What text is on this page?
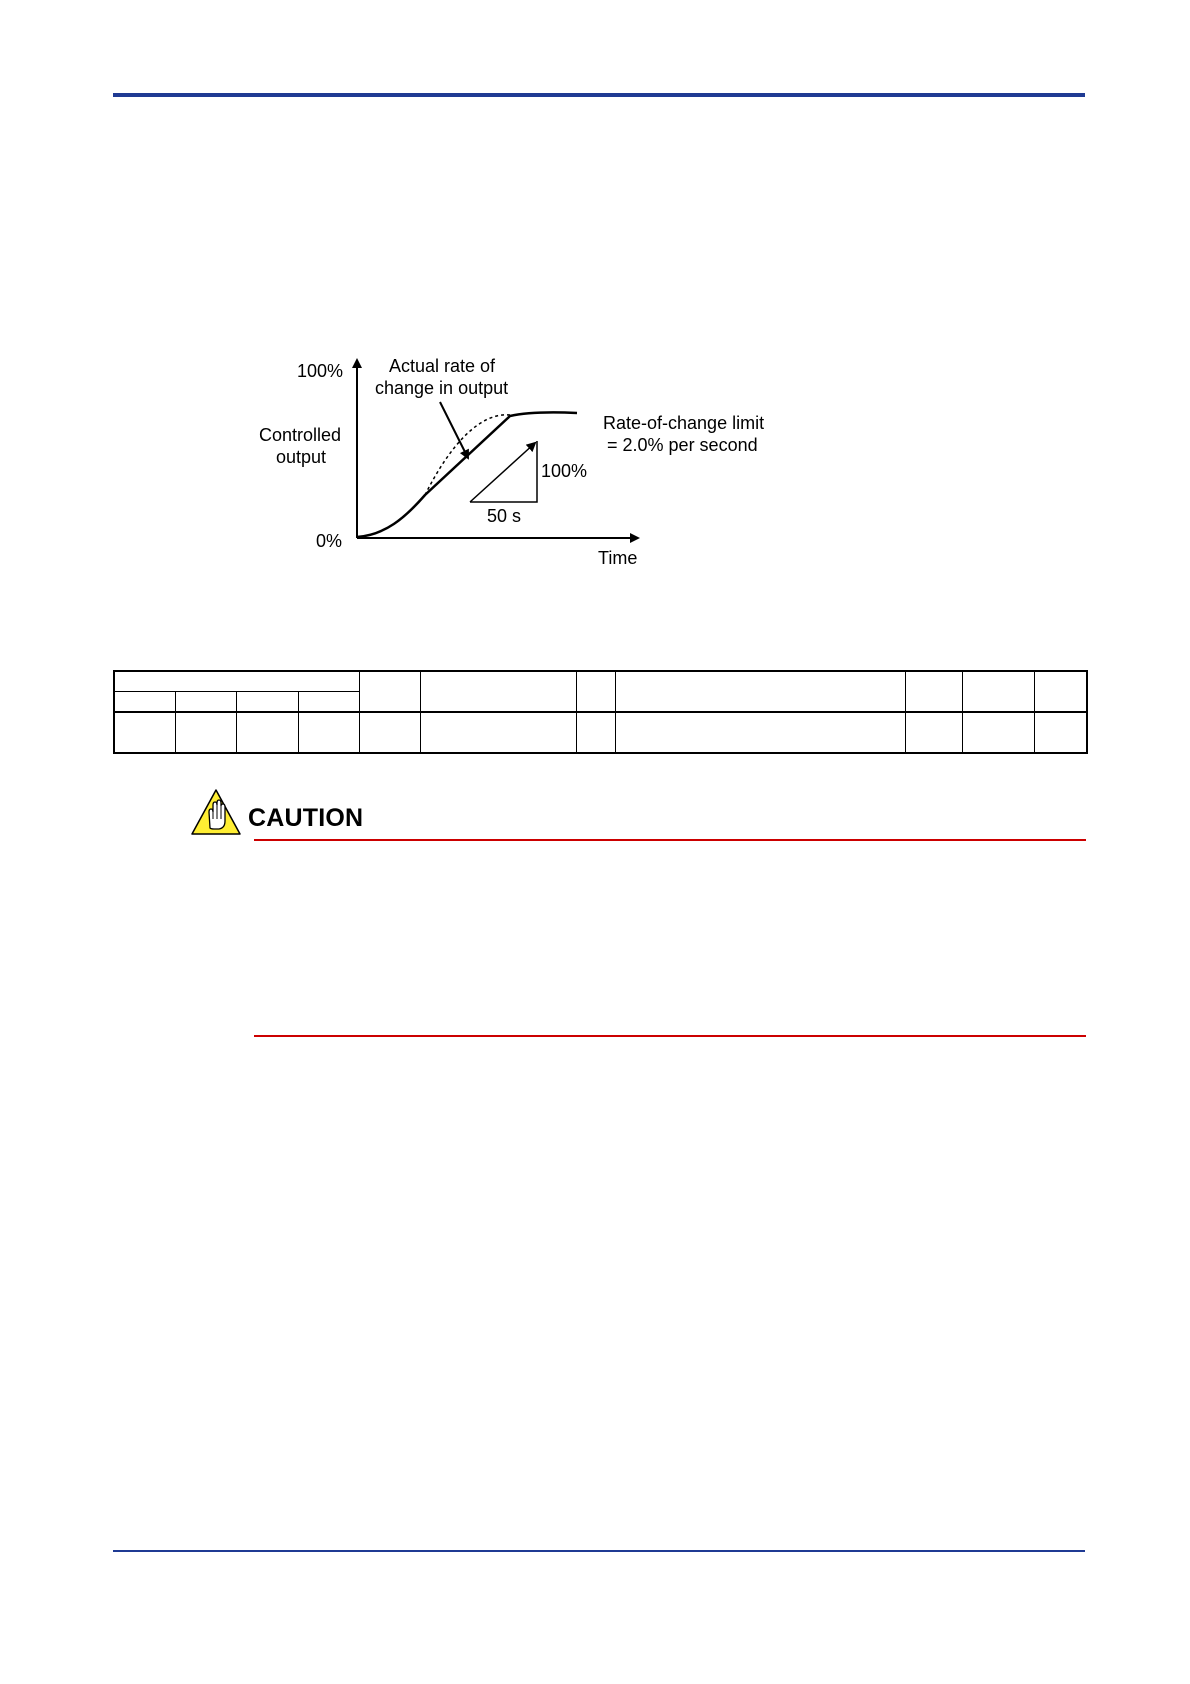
100%
0%
Controlled
output
Time
Actual rate of
change in output
Rate-of-change limit
= 2.0% per second
100%
50 s

CAUTION
